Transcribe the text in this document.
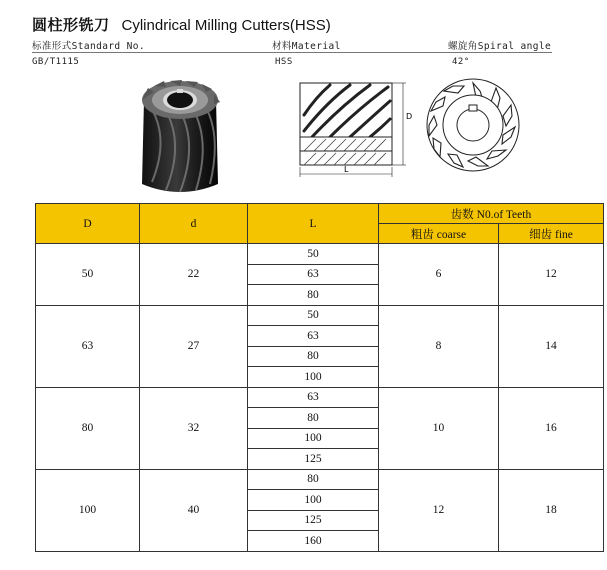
圆柱形铣刀 Cylindrical Milling Cutters(HSS)
标准形式Standard No.	材料Material	螺旋角Spiral angle
GB/T1115	HSS	42°
D
L
D	d	L	齿数 N0.of Teeth	
			粗齿 coarse	细齿 fine
50	22	50	6	12
		63		
		80		
63	27	50	8	14
		63		
		80		
		100		
80	32	63	10	16
		80		
		100		
		125		
100	40	80	12	18
		100		
		125		
		160		
